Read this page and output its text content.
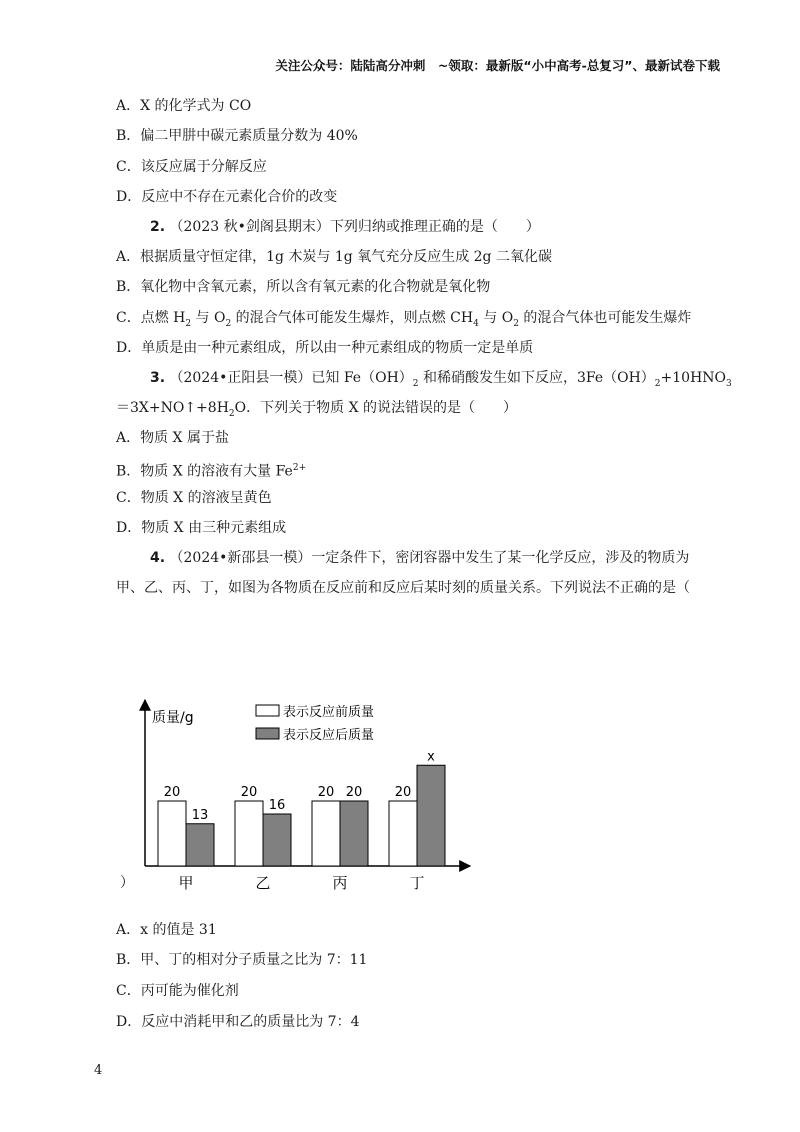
关注公众号：陆陆高分冲刺　~领取：最新版“小中高考-总复习”、最新试卷下载
A．X 的化学式为 CO
B．偏二甲肼中碳元素质量分数为 40%
C．该反应属于分解反应
D．反应中不存在元素化合价的改变
2. （2023 秋•剑阁县期末）下列归纳或推理正确的是（　　）
A．根据质量守恒定律，1g 木炭与 1g 氧气充分反应生成 2g 二氧化碳
B．氧化物中含氧元素，所以含有氧元素的化合物就是氧化物
C．点燃 $H_2$ 与 $O_2$ 的混合气体可能发生爆炸，则点燃 $CH_4$ 与 $O_2$ 的混合气体也可能发生爆炸
D．单质是由一种元素组成，所以由一种元素组成的物质一定是单质
3. （2024•正阳县一模）已知 $Fe(OH)_2$ 和稀硝酸发生如下反应，$3Fe(OH)_2+10HNO_3$
$=3X+NO↑+8H_2O$．下列关于物质 X 的说法错误的是（　　）
A．物质 X 属于盐
B．物质 X 的溶液有大量 $Fe^{2+}$
C．物质 X 的溶液呈黄色
D．物质 X 由三种元素组成
4. （2024•新邵县一模）一定条件下，密闭容器中发生了某一化学反应，涉及的物质为
甲、乙、丙、丁，如图为各物质在反应前和反应后某时刻的质量关系。下列说法不正确的是（
质量/g	表示反应前质量
表示反应后质量
20
13
甲
20
16
乙
20 20
丙
20
x
丁
）
A．x 的值是 31
B．甲、丁的相对分子质量之比为 7：11
C．丙可能为催化剂
D．反应中消耗甲和乙的质量比为 7：4
4
